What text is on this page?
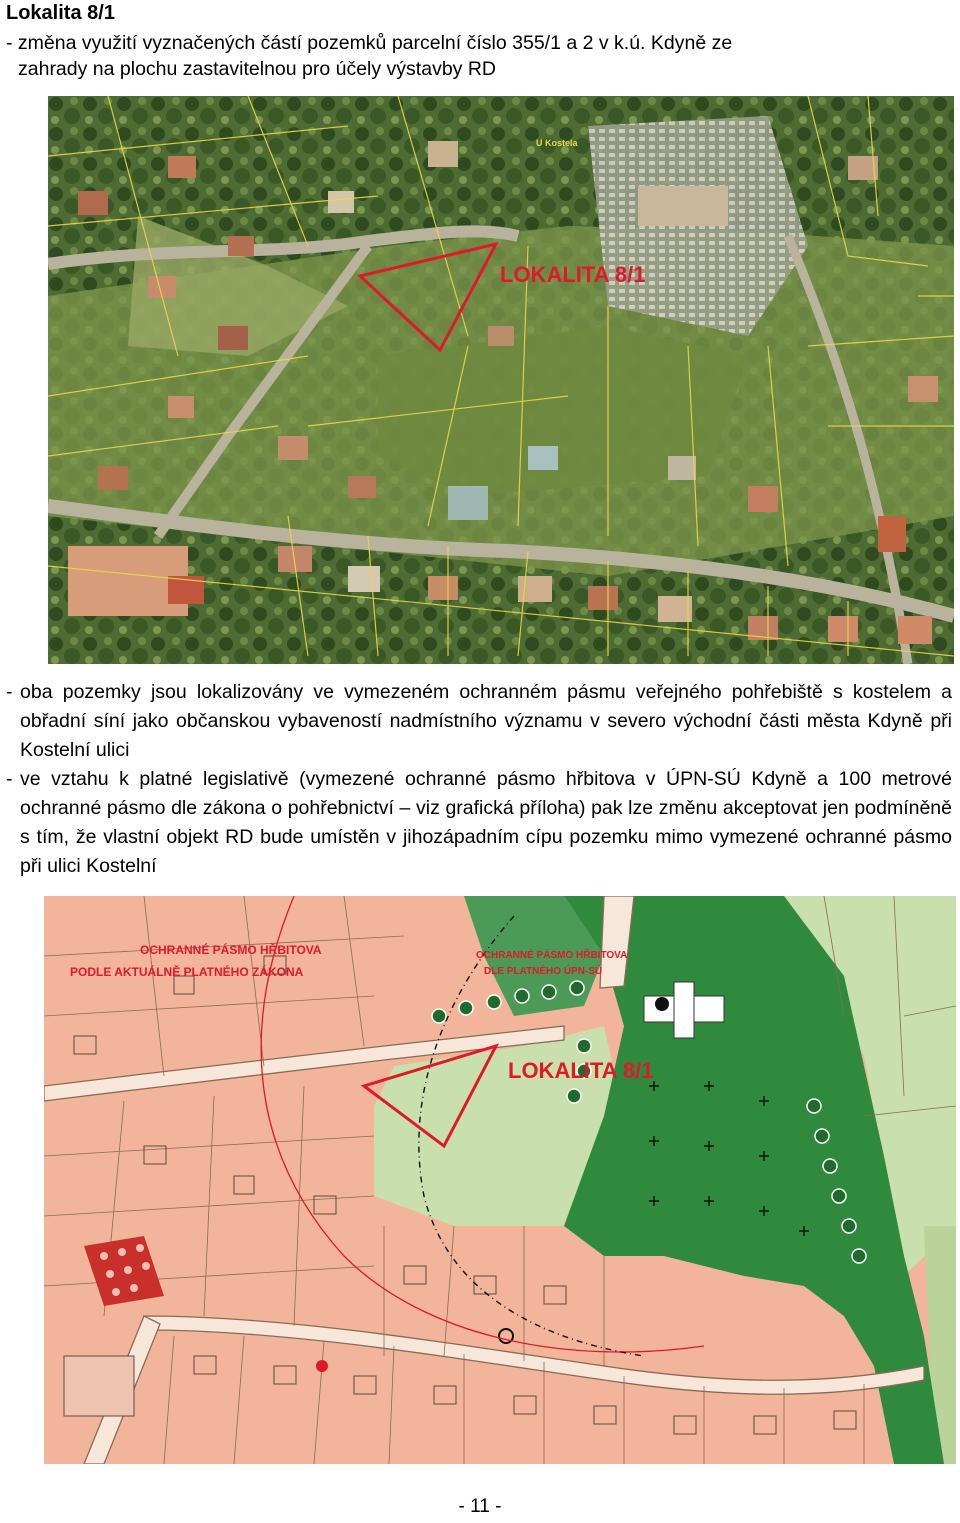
Lokalita 8/1
- změna využití vyznačených částí pozemků parcelní číslo 355/1 a 2 v k.ú. Kdyně ze
zahrady na plochu zastavitelnou pro účely výstavby RD
U Kostela
LOKALITA 8/1
- oba pozemky jsou lokalizovány ve vymezeném ochranném pásmu veřejného pohřebiště s kostelem a obřadní síní jako občanskou vybaveností nadmístního významu v severo východní části města Kdyně při Kostelní ulici
- ve vztahu k platné legislativě (vymezené ochranné pásmo hřbitova v ÚPN-SÚ Kdyně a 100 metrové ochranné pásmo dle zákona o pohřebnictví – viz grafická příloha) pak lze změnu akceptovat jen podmíněně s tím, že vlastní objekt RD bude umístěn v jihozápadním cípu pozemku mimo vymezené ochranné pásmo při ulici Kostelní
OCHRANNÉ PÁSMO HŘBITOVA
PODLE AKTUÁLNĚ PLATNÉHO ZÁKONA
OCHRANNÉ PÁSMO HŘBITOVA
DLE PLATNÉHO ÚPN-SÚ
LOKALITA 8/1
- 11 -
